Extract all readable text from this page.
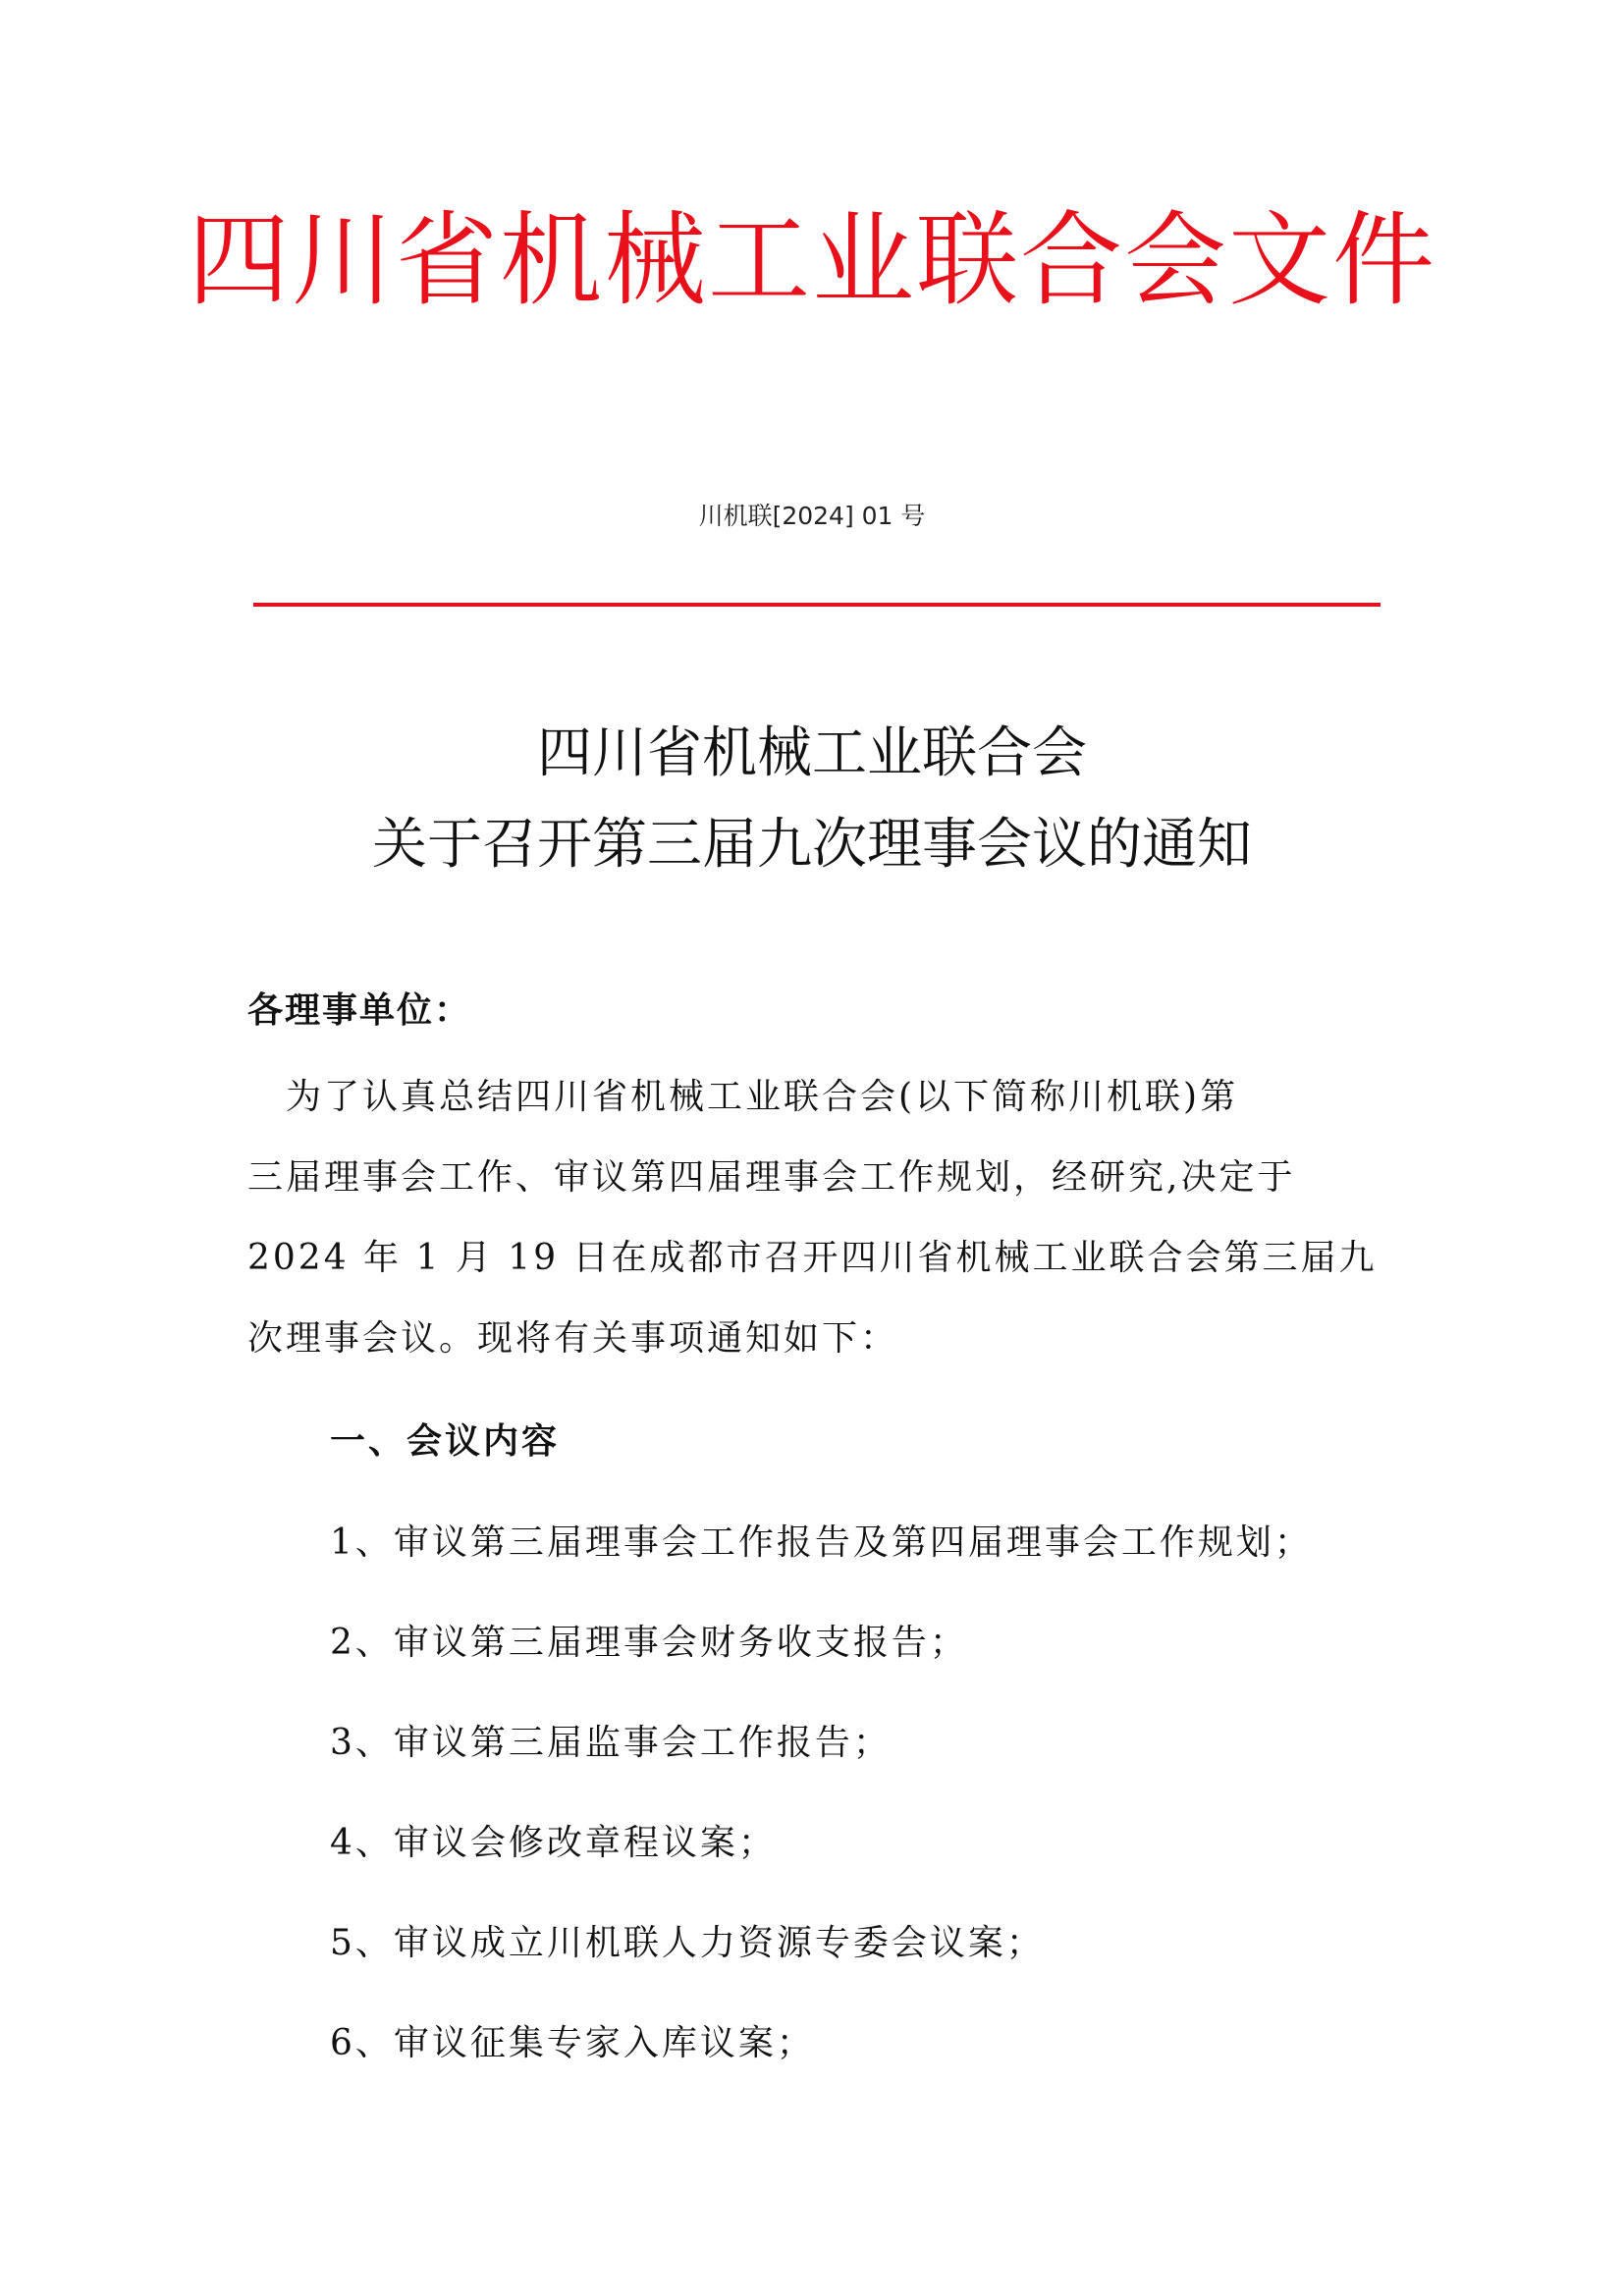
四川省机械工业联合会文件
川机联[2024] 01 号
四川省机械工业联合会
关于召开第三届九次理事会议的通知
各理事单位：
　为了认真总结四川省机械工业联合会(以下简称川机联)第
三届理事会工作、审议第四届理事会工作规划，经研究,决定于
2024 年 1 月 19 日在成都市召开四川省机械工业联合会第三届九
次理事会议。现将有关事项通知如下：
一、会议内容
1、审议第三届理事会工作报告及第四届理事会工作规划；
2、审议第三届理事会财务收支报告；
3、审议第三届监事会工作报告；
4、审议会修改章程议案；
5、审议成立川机联人力资源专委会议案；
6、审议征集专家入库议案；
